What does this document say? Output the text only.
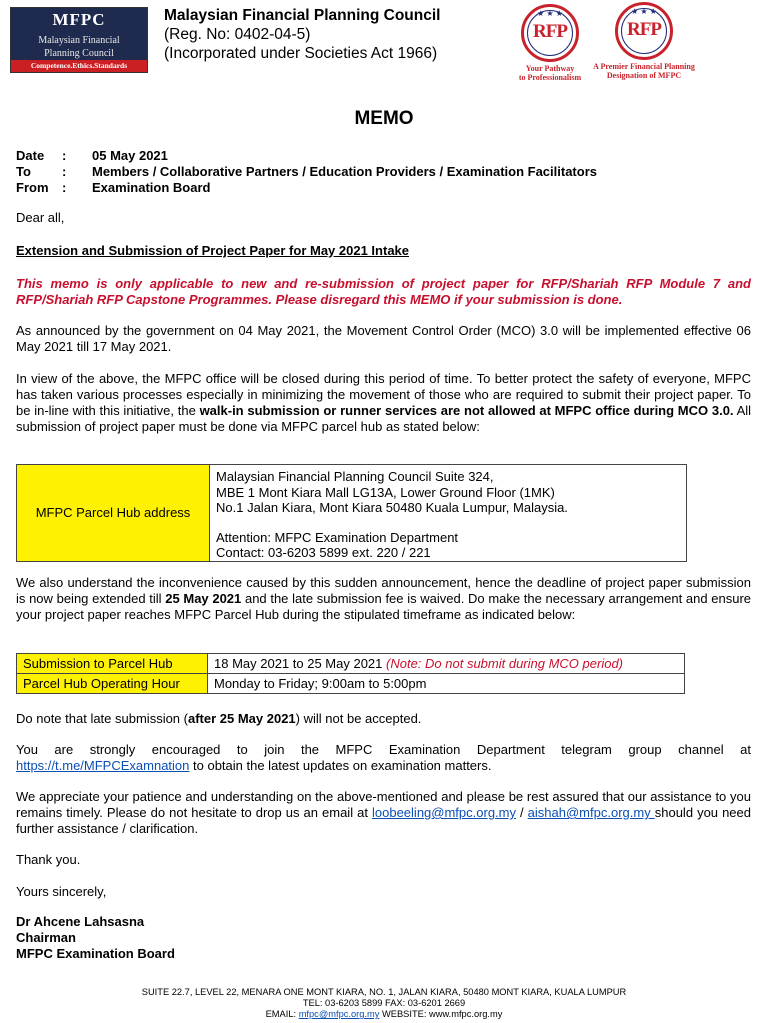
MFPC
Malaysian Financial
Planning Council
Competence.Ethics.Standards
Malaysian Financial Planning Council
(Reg. No: 0402-04-5)
(Incorporated under Societies Act 1966)
★ ★ ★
RFP
Your Pathway
to Professionalism
★ ★ ★
RFP
A Premier Financial Planning
Designation of MFPC
MEMO
Date	:	05 May 2021
To	:	Members / Collaborative Partners / Education Providers / Examination Facilitators
From	:	Examination Board
Dear all,
Extension and Submission of Project Paper for May 2021 Intake
This memo is only applicable to new and re-submission of project paper for RFP/Shariah RFP Module 7 and RFP/Shariah RFP Capstone Programmes. Please disregard this MEMO if your submission is done.
As announced by the government on 04 May 2021, the Movement Control Order (MCO) 3.0 will be implemented effective 06 May 2021 till 17 May 2021.
In view of the above, the MFPC office will be closed during this period of time. To better protect the safety of everyone, MFPC has taken various processes especially in minimizing the movement of those who are required to submit their project paper. To be in-line with this initiative, the walk-in submission or runner services are not allowed at MFPC office during MCO 3.0. All submission of project paper must be done via MFPC parcel hub as stated below:
MFPC Parcel Hub address	
Malaysian Financial Planning Council Suite 324,
MBE 1 Mont Kiara Mall LG13A, Lower Ground Floor (1MK)
No.1 Jalan Kiara, Mont Kiara 50480 Kuala Lumpur, Malaysia.
Attention: MFPC Examination Department
Contact: 03-6203 5899 ext. 220 / 221
We also understand the inconvenience caused by this sudden announcement, hence the deadline of project paper submission is now being extended till 25 May 2021 and the late submission fee is waived. Do make the necessary arrangement and ensure your project paper reaches MFPC Parcel Hub during the stipulated timeframe as indicated below:
Submission to Parcel Hub	18 May 2021 to 25 May 2021 (Note: Do not submit during MCO period)
Parcel Hub Operating Hour	Monday to Friday; 9:00am to 5:00pm
Do note that late submission (after 25 May 2021) will not be accepted.
You are strongly encouraged to join the MFPC Examination Department telegram group channel at https://t.me/MFPCExamnation to obtain the latest updates on examination matters.
We appreciate your patience and understanding on the above-mentioned and please be rest assured that our assistance to you remains timely. Please do not hesitate to drop us an email at loobeeling@mfpc.org.my / aishah@mfpc.org.my should you need further assistance / clarification.
Thank you.
Yours sincerely,
Dr Ahcene Lahsasna
Chairman
MFPC Examination Board
SUITE 22.7, LEVEL 22, MENARA ONE MONT KIARA, NO. 1, JALAN KIARA, 50480 MONT KIARA, KUALA LUMPUR
TEL: 03-6203 5899 FAX: 03-6201 2669
EMAIL: mfpc@mfpc.org.my WEBSITE: www.mfpc.org.my
